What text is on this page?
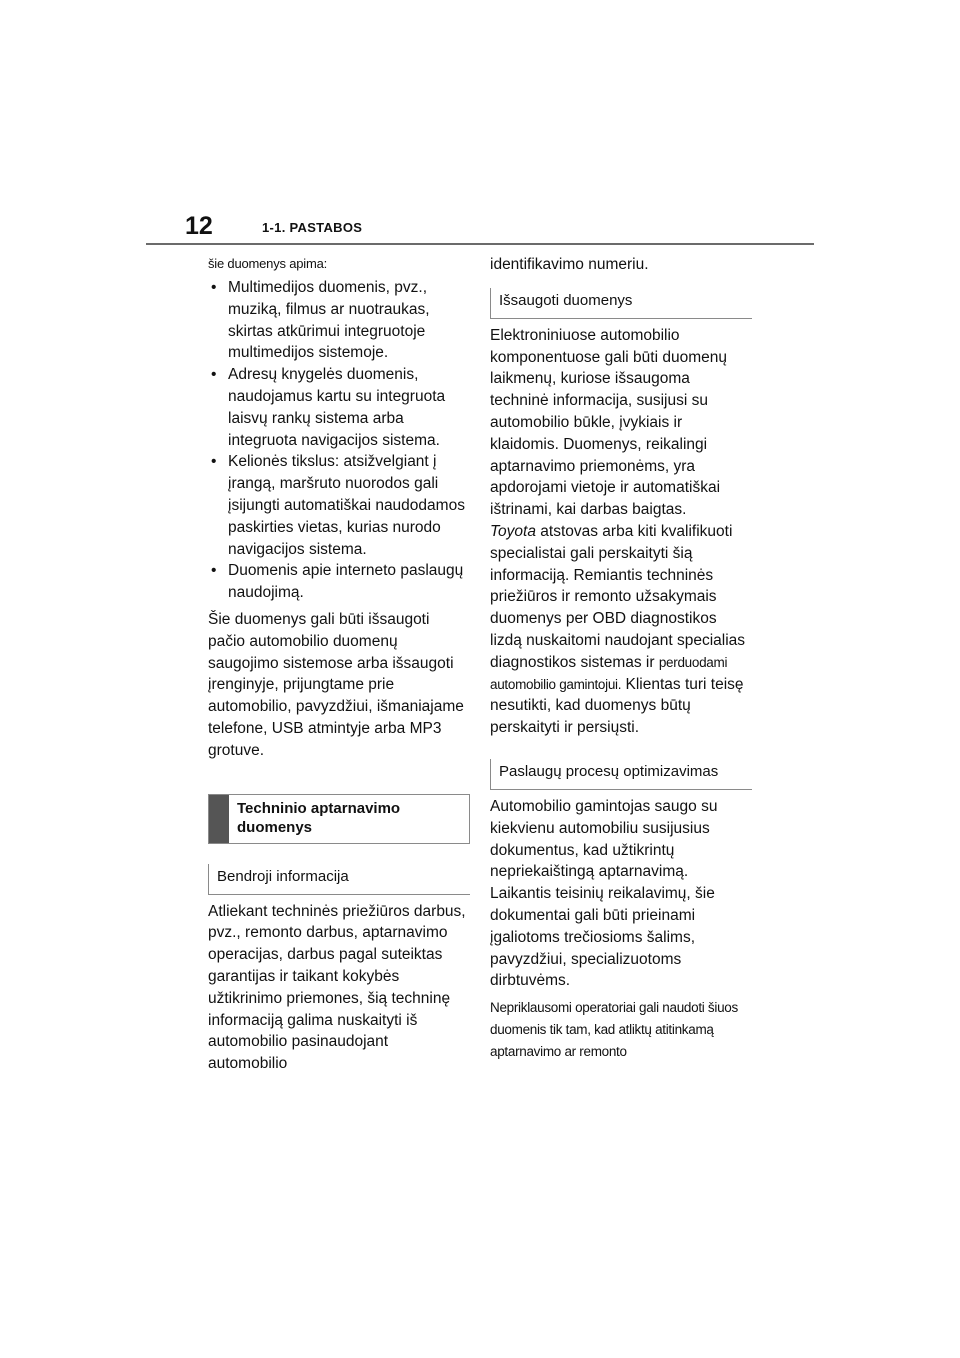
12	1-1. PASTABOS

šie duomenys apima:

• Multimedijos duomenis, pvz., muziką, filmus ar nuotraukas, skirtas atkūrimui integruotoje multimedijos sistemoje.
• Adresų knygelės duomenis, naudojamus kartu su integruota laisvų rankų sistema arba integruota navigacijos sistema.
• Kelionės tikslus: atsižvelgiant į įrangą, maršruto nuorodos gali įsijungti automatiškai naudodamos paskirties vietas, kurias nurodo navigacijos sistema.
• Duomenis apie interneto paslaugų naudojimą.

Šie duomenys gali būti išsaugoti pačio automobilio duomenų saugojimo sistemose arba išsaugoti įrenginyje, prijungtame prie automobilio, pavyzdžiui, išmaniajame telefone, USB atmintyje arba MP3 grotuve.

Techninio aptarnavimo duomenys
Bendroji informacija

Atliekant techninės priežiūros darbus, pvz., remonto darbus, aptarnavimo operacijas, darbus pagal suteiktas garantijas ir taikant kokybės užtikrinimo priemones, šią techninę informaciją galima nuskaityti iš automobilio pasinaudojant automobilio

identifikavimo numeriu.

Išsaugoti duomenys

Elektroniniuose automobilio komponentuose gali būti duomenų laikmenų, kuriose išsaugoma techninė informacija, susijusi su automobilio būkle, įvykiais ir klaidomis. Duomenys, reikalingi aptarnavimo priemonėms, yra apdorojami vietoje ir automatiškai ištrinami, kai darbas baigtas.

Toyota atstovas arba kiti kvalifikuoti specialistai gali perskaityti šią informaciją. Remiantis techninės priežiūros ir remonto užsakymais duomenys per OBD diagnostikos lizdą nuskaitomi naudojant specialias diagnostikos sistemas ir perduodami automobilio gamintojui. Klientas turi teisę nesutikti, kad duomenys būtų perskaityti ir persiųsti.

Paslaugų procesų optimizavimas

Automobilio gamintojas saugo su kiekvienu automobiliu susijusius dokumentus, kad užtikrintų nepriekaištingą aptarnavimą. Laikantis teisinių reikalavimų, šie dokumentai gali būti prieinami įgaliotoms trečiosioms šalims, pavyzdžiui, specializuotoms dirbtuvėms.

Nepriklausomi operatoriai gali naudoti šiuos duomenis tik tam, kad atliktų atitinkamą aptarnavimo ar remonto
